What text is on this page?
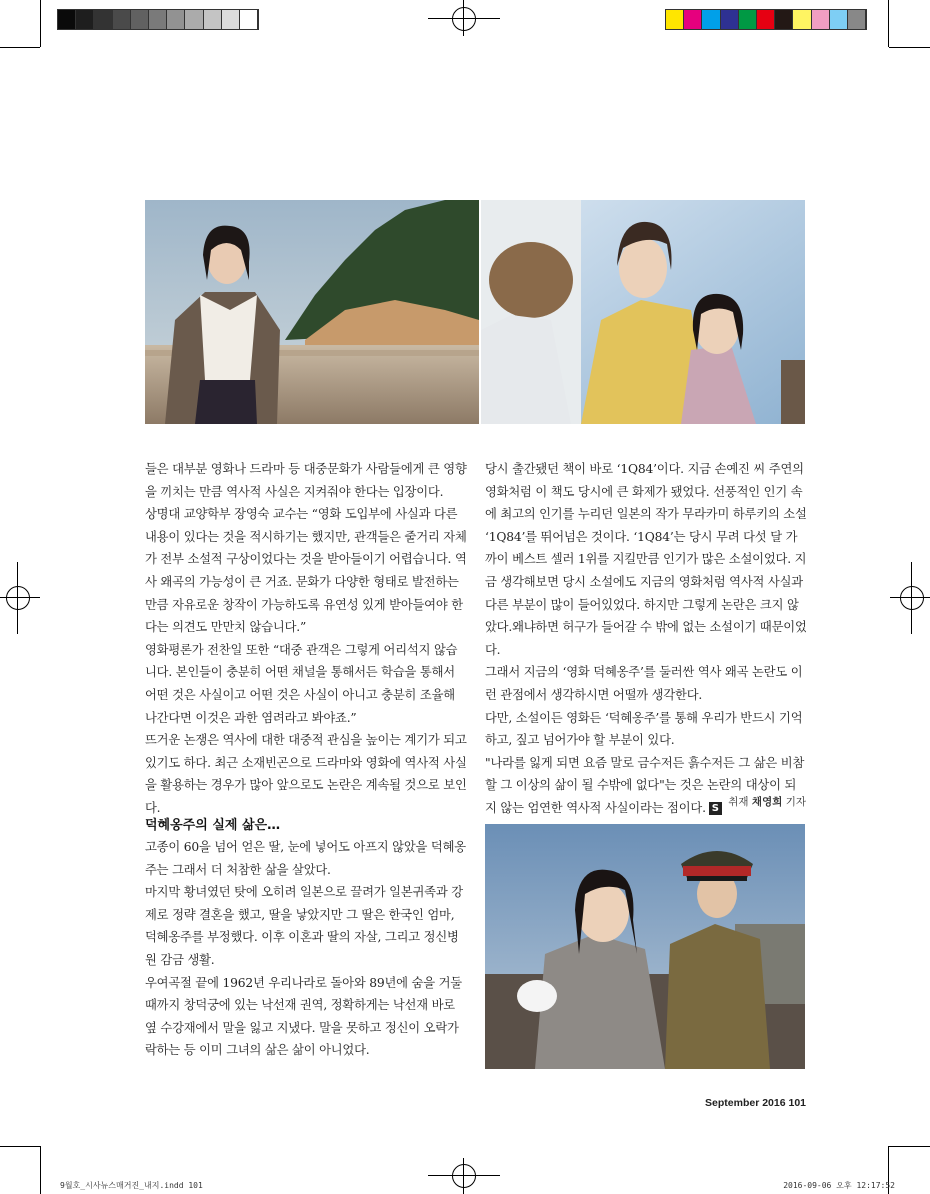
들은 대부분 영화나 드라마 등 대중문화가 사람들에게 큰 영향을 끼치는 만큼 역사적 사실은 지켜줘야 한다는 입장이다.

상명대 교양학부 장영숙 교수는 “영화 도입부에 사실과 다른 내용이 있다는 것을 적시하기는 했지만, 관객들은 줄거리 자체가 전부 소설적 구상이었다는 것을 받아들이기 어렵습니다. 역사 왜곡의 가능성이 큰 거죠. 문화가 다양한 형태로 발전하는 만큼 자유로운 창작이 가능하도록 유연성 있게 받아들여야 한다는 의견도 만만치 않습니다.”

영화평론가 전찬일 또한 “대중 관객은 그렇게 어리석지 않습니다. 본인들이 충분히 어떤 채널을 통해서든 학습을 통해서 어떤 것은 사실이고 어떤 것은 사실이 아니고 충분히 조율해 나간다면 이것은 과한 염려라고 봐야죠.”

뜨거운 논쟁은 역사에 대한 대중적 관심을 높이는 계기가 되고 있기도 하다. 최근 소재빈곤으로 드라마와 영화에 역사적 사실을 활용하는 경우가 많아 앞으로도 논란은 계속될 것으로 보인다.

덕혜옹주의 실제 삶은…

고종이 60을 넘어 얻은 딸, 눈에 넣어도 아프지 않았을 덕혜옹주는 그래서 더 처참한 삶을 살았다.

마지막 황녀였던 탓에 오히려 일본으로 끌려가 일본귀족과 강제로 정략 결혼을 했고, 딸을 낳았지만 그 딸은 한국인 엄마, 덕혜옹주를 부정했다. 이후 이혼과 딸의 자살, 그리고 정신병원 감금 생활.

우여곡절 끝에 1962년 우리나라로 돌아와 89년에 숨을 거둘 때까지 창덕궁에 있는 낙선재 권역, 정확하게는 낙선재 바로 옆 수강재에서 말을 잃고 지냈다. 말을 못하고 정신이 오락가락하는 등 이미 그녀의 삶은 삶이 아니었다.

당시 출간됐던 책이 바로 ‘1Q84’이다. 지금 손예진 씨 주연의 영화처럼 이 책도 당시에 큰 화제가 됐었다. 선풍적인 인기 속에 최고의 인기를 누리던 일본의 작가 무라카미 하루키의 소설 ‘1Q84’를 뛰어넘은 것이다. ‘1Q84’는 당시 무려 다섯 달 가까이 베스트 셀러 1위를 지킬만큼 인기가 많은 소설이었다. 지금 생각해보면 당시 소설에도 지금의 영화처럼 역사적 사실과 다른 부분이 많이 들어있었다. 하지만 그렇게 논란은 크지 않았다.왜냐하면 허구가 들어갈 수 밖에 없는 소설이기 때문이었다.

그래서 지금의 ‘영화 덕혜옹주’를 둘러싼 역사 왜곡 논란도 이런 관점에서 생각하시면 어떨까 생각한다.

다만, 소설이든 영화든 ‘덕혜옹주’를 통해 우리가 반드시 기억하고, 짚고 넘어가야 할 부분이 있다.

"나라를 잃게 되면 요즘 말로 금수저든 흙수저든 그 삶은 비참할 그 이상의 삶이 될 수밖에 없다"는 것은 논란의 대상이 되지 않는 엄연한 역사적 사실이라는 점이다. S

취재 채영희 기자
September 2016 101
9월호_시사뉴스매거진_내지.indd 101	2016-09-06 오후 12:17:52
